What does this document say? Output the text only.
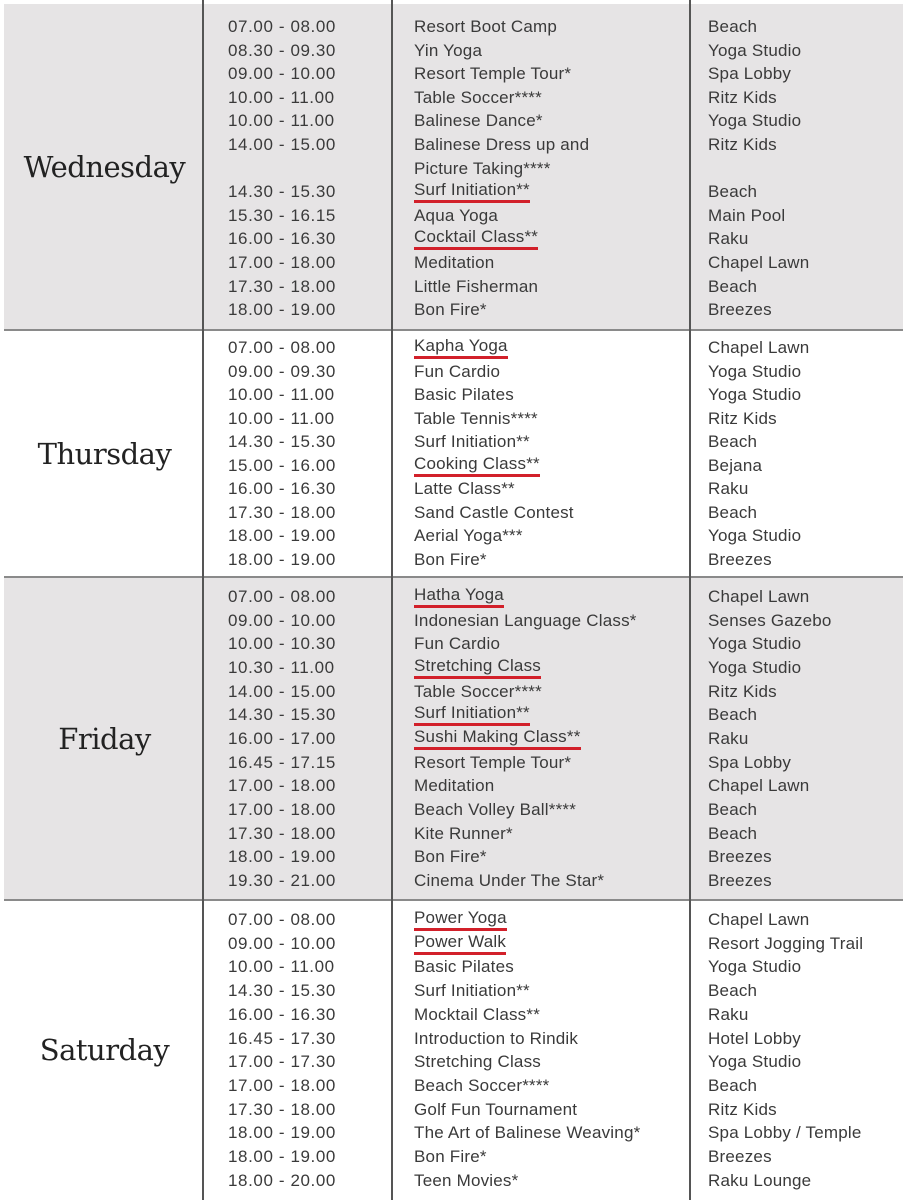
Wednesday
07.00 - 08.00	Resort Boot Camp	Beach
08.30 - 09.30	Yin Yoga	Yoga Studio
09.00 - 10.00	Resort Temple Tour*	Spa Lobby
10.00 - 11.00	Table Soccer****	Ritz Kids
10.00 - 11.00	Balinese Dance*	Yoga Studio
14.00 - 15.00	Balinese Dress up and	Ritz Kids
Picture Taking****
14.30 - 15.30	Surf Initiation**	Beach
15.30 - 16.15	Aqua Yoga	Main Pool
16.00 - 16.30	Cocktail Class**	Raku
17.00 - 18.00	Meditation	Chapel Lawn
17.30 - 18.00	Little Fisherman	Beach
18.00 - 19.00	Bon Fire*	Breezes
Thursday
07.00 - 08.00	Kapha Yoga	Chapel Lawn
09.00 - 09.30	Fun Cardio	Yoga Studio
10.00 - 11.00	Basic Pilates	Yoga Studio
10.00 - 11.00	Table Tennis****	Ritz Kids
14.30 - 15.30	Surf Initiation**	Beach
15.00 - 16.00	Cooking Class**	Bejana
16.00 - 16.30	Latte Class**	Raku
17.30 - 18.00	Sand Castle Contest	Beach
18.00 - 19.00	Aerial Yoga***	Yoga Studio
18.00 - 19.00	Bon Fire*	Breezes
Friday
07.00 - 08.00	Hatha Yoga	Chapel Lawn
09.00 - 10.00	Indonesian Language Class*	Senses Gazebo
10.00 - 10.30	Fun Cardio	Yoga Studio
10.30 - 11.00	Stretching Class	Yoga Studio
14.00 - 15.00	Table Soccer****	Ritz Kids
14.30 - 15.30	Surf Initiation**	Beach
16.00 - 17.00	Sushi Making Class**	Raku
16.45 - 17.15	Resort Temple Tour*	Spa Lobby
17.00 - 18.00	Meditation	Chapel Lawn
17.00 - 18.00	Beach Volley Ball****	Beach
17.30 - 18.00	Kite Runner*	Beach
18.00 - 19.00	Bon Fire*	Breezes
19.30 - 21.00	Cinema Under The Star*	Breezes
Saturday
07.00 - 08.00	Power Yoga	Chapel Lawn
09.00 - 10.00	Power Walk	Resort Jogging Trail
10.00 - 11.00	Basic Pilates	Yoga Studio
14.30 - 15.30	Surf Initiation**	Beach
16.00 - 16.30	Mocktail Class**	Raku
16.45 - 17.30	Introduction to Rindik	Hotel Lobby
17.00 - 17.30	Stretching Class	Yoga Studio
17.00 - 18.00	Beach Soccer****	Beach
17.30 - 18.00	Golf Fun Tournament	Ritz Kids
18.00 - 19.00	The Art of Balinese Weaving*	Spa Lobby / Temple
18.00 - 19.00	Bon Fire*	Breezes
18.00 - 20.00	Teen Movies*	Raku Lounge
